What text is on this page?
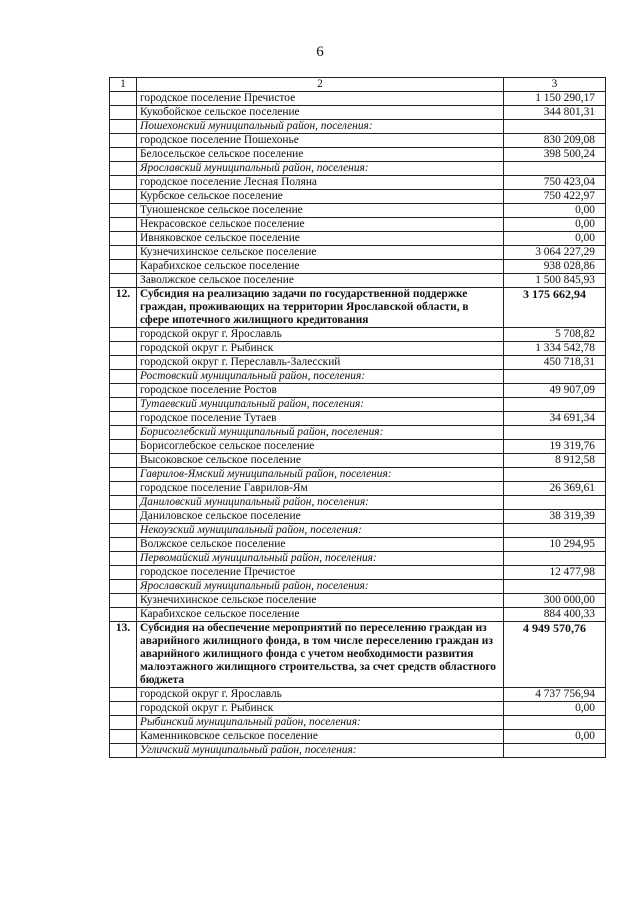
6
1	2	3
	городское поселение Пречистое	1 150 290,17
	Кукобойское сельское поселение	344 801,31
	Пошехонский муниципальный район, поселения:	
	городское поселение Пошехонье	830 209,08
	Белосельское сельское поселение	398 500,24
	Ярославский муниципальный район, поселения:	
	городское поселение Лесная Поляна	750 423,04
	Курбское сельское поселение	750 422,97
	Туношенское сельское поселение	0,00
	Некрасовское сельское поселение	0,00
	Ивняковское сельское поселение	0,00
	Кузнечихинское сельское поселение	3 064 227,29
	Карабихское сельское поселение	938 028,86
	Заволжское сельское поселение	1 500 845,93
12.	Субсидия на реализацию задачи по государственной поддержке граждан, проживающих на территории Ярославской области, в сфере ипотечного жилищного кредитования	3 175 662,94
	городской округ г. Ярославль	5 708,82
	городской округ г. Рыбинск	1 334 542,78
	городской округ г. Переславль-Залесский	450 718,31
	Ростовский муниципальный район, поселения:	
	городское поселение Ростов	49 907,09
	Тутаевский муниципальный район, поселения:	
	городское поселение Тутаев	34 691,34
	Борисоглебский муниципальный район, поселения:	
	Борисоглебское сельское поселение	19 319,76
	Высоковское сельское поселение	8 912,58
	Гаврилов-Ямский муниципальный район, поселения:	
	городское поселение Гаврилов-Ям	26 369,61
	Даниловский муниципальный район, поселения:	
	Даниловское сельское поселение	38 319,39
	Некоузский муниципальный район, поселения:	
	Волжское сельское поселение	10 294,95
	Первомайский муниципальный район, поселения:	
	городское поселение Пречистое	12 477,98
	Ярославский муниципальный район, поселения:	
	Кузнечихинское сельское поселение	300 000,00
	Карабихское сельское поселение	884 400,33
13.	Субсидия на обеспечение мероприятий по переселению граждан из аварийного жилищного фонда, в том числе переселению граждан из аварийного жилищного фонда с учетом необходимости развития малоэтажного жилищного строительства, за счет средств областного бюджета	4 949 570,76
	городской округ г. Ярославль	4 737 756,94
	городской округ г. Рыбинск	0,00
	Рыбинский муниципальный район, поселения:	
	Каменниковское сельское поселение	0,00
	Угличский муниципальный район, поселения:	
